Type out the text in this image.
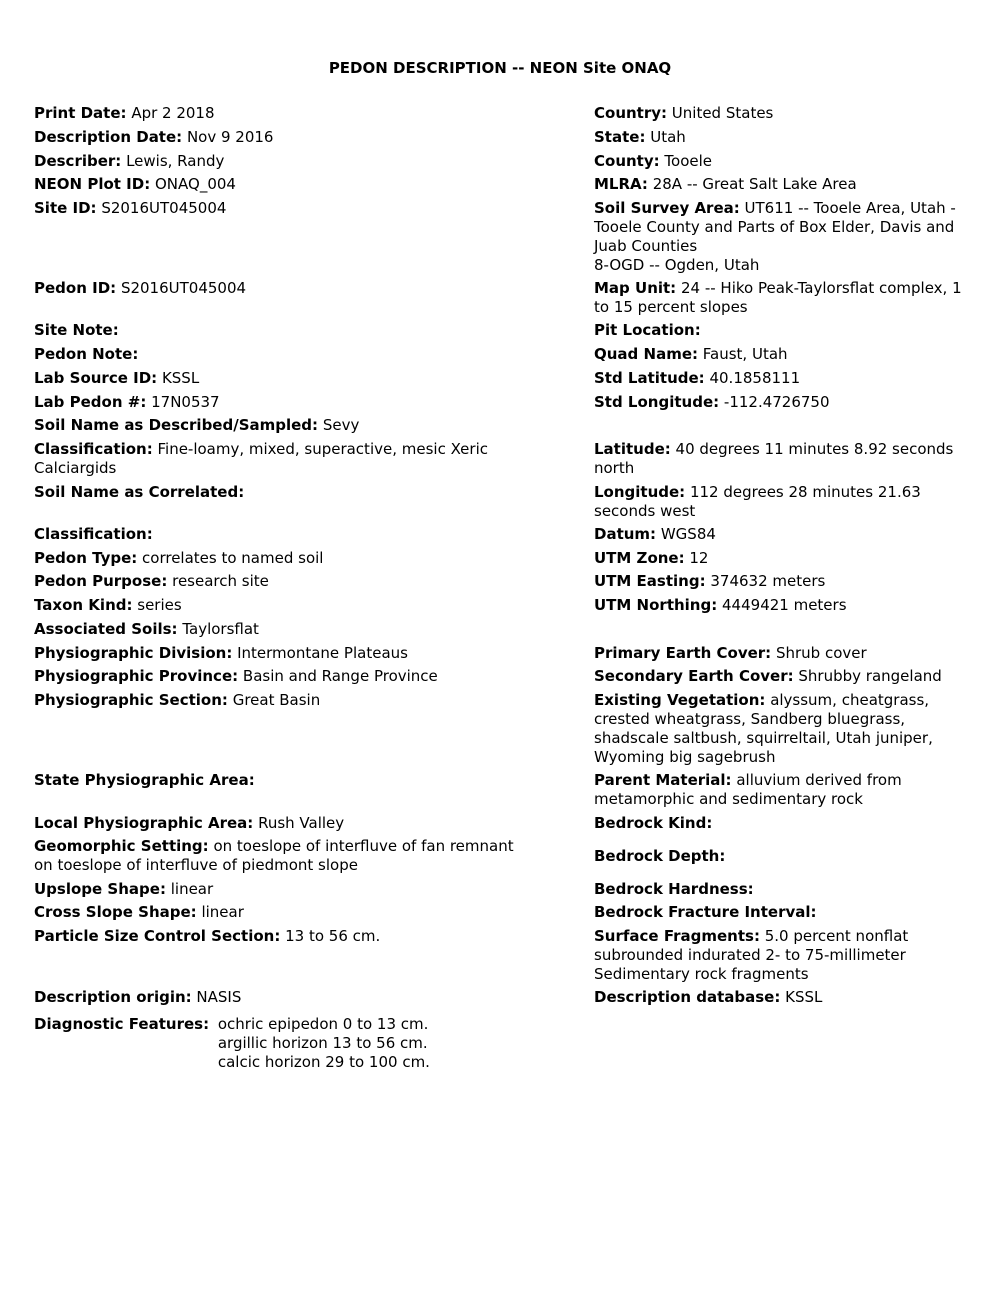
PEDON DESCRIPTION -- NEON Site ONAQ
Print Date: Apr 2 2018
Description Date: Nov 9 2016
Describer: Lewis, Randy
NEON Plot ID: ONAQ_004
Site ID: S2016UT045004
Pedon ID: S2016UT045004
Site Note:
Pedon Note:
Lab Source ID: KSSL
Lab Pedon #: 17N0537
Soil Name as Described/Sampled: Sevy
Classification: Fine-loamy, mixed, superactive, mesic Xeric Calciargids
Soil Name as Correlated:
Classification:
Pedon Type: correlates to named soil
Pedon Purpose: research site
Taxon Kind: series
Associated Soils: Taylorsflat
Physiographic Division: Intermontane Plateaus
Physiographic Province: Basin and Range Province
Physiographic Section: Great Basin
State Physiographic Area:
Local Physiographic Area: Rush Valley
Geomorphic Setting: on toeslope of interfluve of fan remnant
on toeslope of interfluve of piedmont slope
Upslope Shape: linear
Cross Slope Shape: linear
Particle Size Control Section: 13 to 56 cm.
Description origin: NASIS
Diagnostic Features: ochric epipedon 0 to 13 cm.
argillic horizon 13 to 56 cm.
calcic horizon 29 to 100 cm.
Country: United States
State: Utah
County: Tooele
MLRA: 28A -- Great Salt Lake Area
Soil Survey Area: UT611 -- Tooele Area, Utah - Tooele County and Parts of Box Elder, Davis and Juab Counties
8-OGD -- Ogden, Utah
Map Unit: 24 -- Hiko Peak-Taylorsflat complex, 1 to 15 percent slopes
Pit Location:
Quad Name: Faust, Utah
Std Latitude: 40.1858111
Std Longitude: -112.4726750
Latitude: 40 degrees 11 minutes 8.92 seconds north
Longitude: 112 degrees 28 minutes 21.63 seconds west
Datum: WGS84
UTM Zone: 12
UTM Easting: 374632 meters
UTM Northing: 4449421 meters
Primary Earth Cover: Shrub cover
Secondary Earth Cover: Shrubby rangeland
Existing Vegetation: alyssum, cheatgrass, crested wheatgrass, Sandberg bluegrass, shadscale saltbush, squirreltail, Utah juniper, Wyoming big sagebrush
Parent Material: alluvium derived from metamorphic and sedimentary rock
Bedrock Kind:
Bedrock Depth:
Bedrock Hardness:
Bedrock Fracture Interval:
Surface Fragments: 5.0 percent nonflat subrounded indurated 2- to 75-millimeter Sedimentary rock fragments
Description database: KSSL
